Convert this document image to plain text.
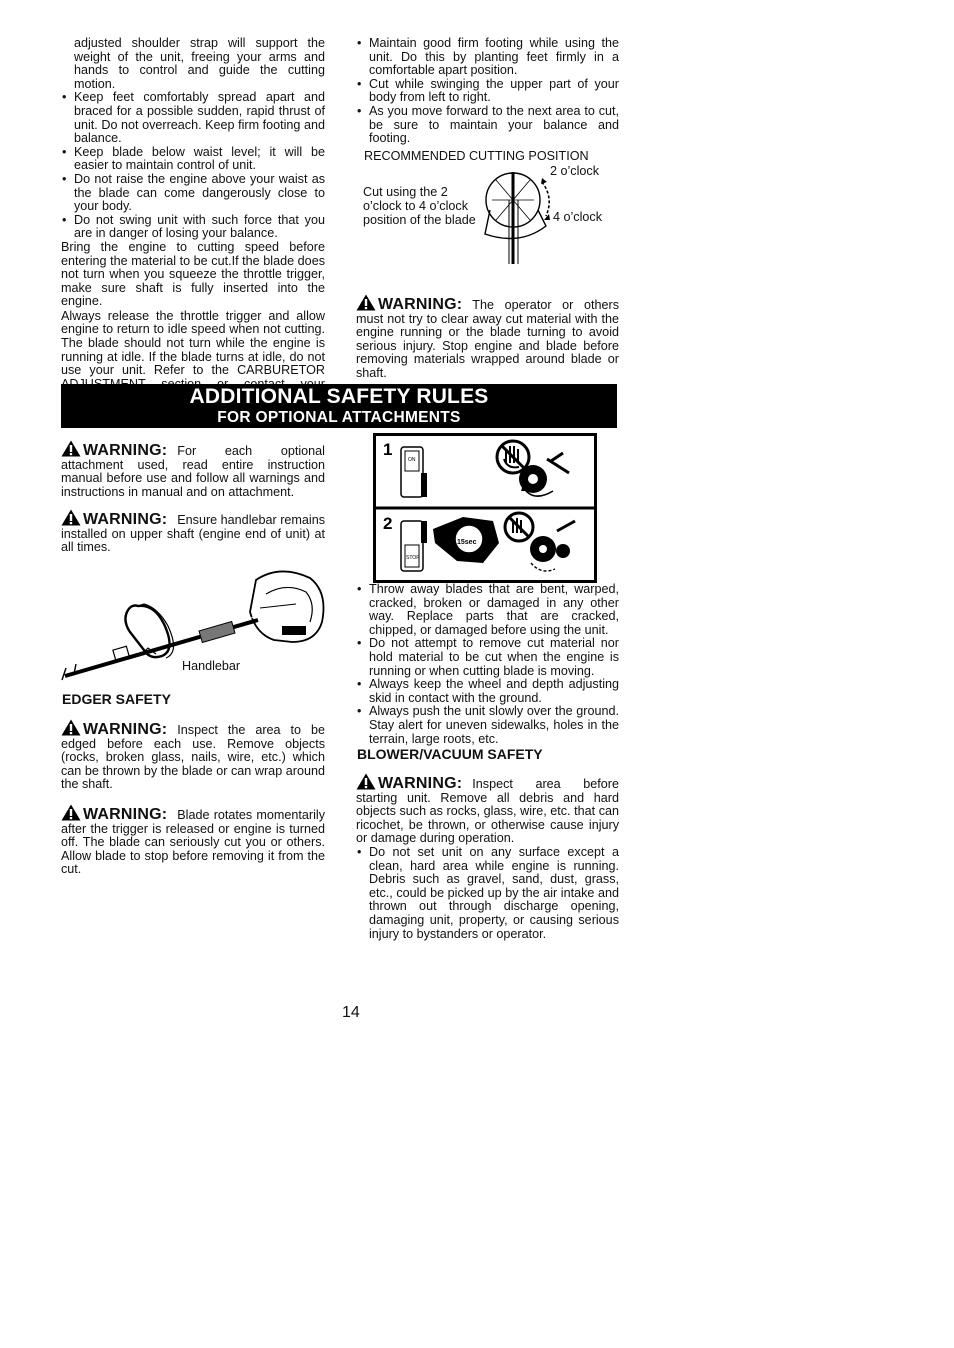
adjusted shoulder strap will support the weight of the unit, freeing your arms and hands to control and guide the cutting motion.

• Keep feet comfortably spread apart and braced for a possible sudden, rapid thrust of unit. Do not overreach. Keep firm footing and balance.
• Keep blade below waist level; it will be easier to maintain control of unit.
• Do not raise the engine above your waist as the blade can come dangerously close to your body.
• Do not swing unit with such force that you are in danger of losing your balance.

Bring the engine to cutting speed before entering the material to be cut.If the blade does not turn when you squeeze the throttle trigger, make sure shaft is fully inserted into the engine.

Always release the throttle trigger and allow engine to return to idle speed when not cutting. The blade should not turn while the engine is running at idle. If the blade turns at idle, do not use your unit. Refer to the CARBURETOR

• Maintain good firm footing while using the unit. Do this by planting feet firmly in a comfortable apart position.
• Cut while swinging the upper part of your body from left to right.
• As you move forward to the next area to cut, be sure to maintain your balance and footing.
RECOMMENDED CUTTING POSITION
Cut using the 2 o’clock to 4 o’clock position of the blade
2 o’clock
4 o’clock

WARNING: The operator or others must not try to clear away cut material with the engine running or the blade turning to avoid serious injury. Stop engine and blade before removing materials wrapped around blade or shaft.

ADDITIONAL SAFETY RULES
FOR OPTIONAL ATTACHMENTS

WARNING: For each optional attachment used, read entire instruction manual before use and follow all warnings and instructions in manual and on attachment.

WARNING: Ensure handlebar remains installed on upper shaft (engine end of unit) at all times.

Handlebar
EDGER SAFETY

WARNING: Inspect the area to be edged before each use. Remove objects (rocks, broken glass, nails, wire, etc.) which can be thrown by the blade or can wrap around the shaft.

WARNING: Blade rotates momentarily after the trigger is released or engine is turned off. The blade can seriously cut you or others. Allow blade to stop before removing it from the cut.

1
ON
2
STOP
15sec
• Throw away blades that are bent, warped, cracked, broken or damaged in any other way. Replace parts that are cracked, chipped, or damaged before using the unit.
• Do not attempt to remove cut material nor hold material to be cut when the engine is running or when cutting blade is moving.
• Always keep the wheel and depth adjusting skid in contact with the ground.
• Always push the unit slowly over the ground. Stay alert for uneven sidewalks, holes in the terrain, large roots, etc.
BLOWER/VACUUM SAFETY

WARNING: Inspect area before starting unit. Remove all debris and hard objects such as rocks, glass, wire, etc. that can ricochet, be thrown, or otherwise cause injury or damage during operation.

• Do not set unit on any surface except a clean, hard area while engine is running. Debris such as gravel, sand, dust, grass, etc., could be picked up by the air intake and thrown out through discharge opening, damaging unit, property, or causing serious injury to bystanders or operator.
14
